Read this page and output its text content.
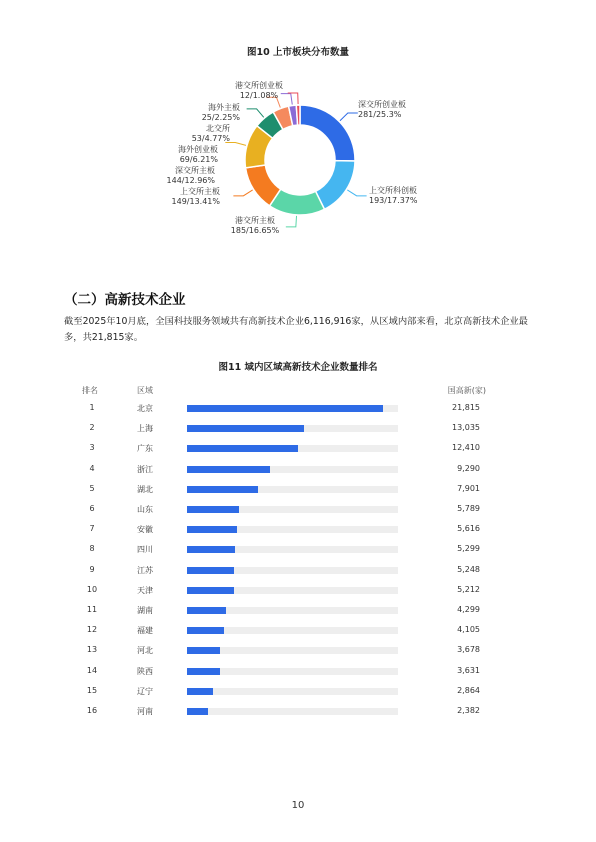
图10 上市板块分布数量
港交所创业板
12/1.08%
海外主板
25/2.25%
北交所
53/4.77%
海外创业板
69/6.21%
深交所主板
144/12.96%
上交所主板
149/13.41%
港交所主板
185/16.65%
上交所科创板
193/17.37%
深交所创业板
281/25.3%
（二）高新技术企业
截至2025年10月底，全国科技服务领域共有高新技术企业6,116,916家，从区域内部来看，北京高新技术企业最多，共21,815家。
图11 域内区域高新技术企业数量排名
排名	区域	国高新(家)
1	北京	21,815
2	上海	13,035
3	广东	12,410
4	浙江	9,290
5	湖北	7,901
6	山东	5,789
7	安徽	5,616
8	四川	5,299
9	江苏	5,248
10	天津	5,212
11	湖南	4,299
12	福建	4,105
13	河北	3,678
14	陕西	3,631
15	辽宁	2,864
16	河南	2,382
10
